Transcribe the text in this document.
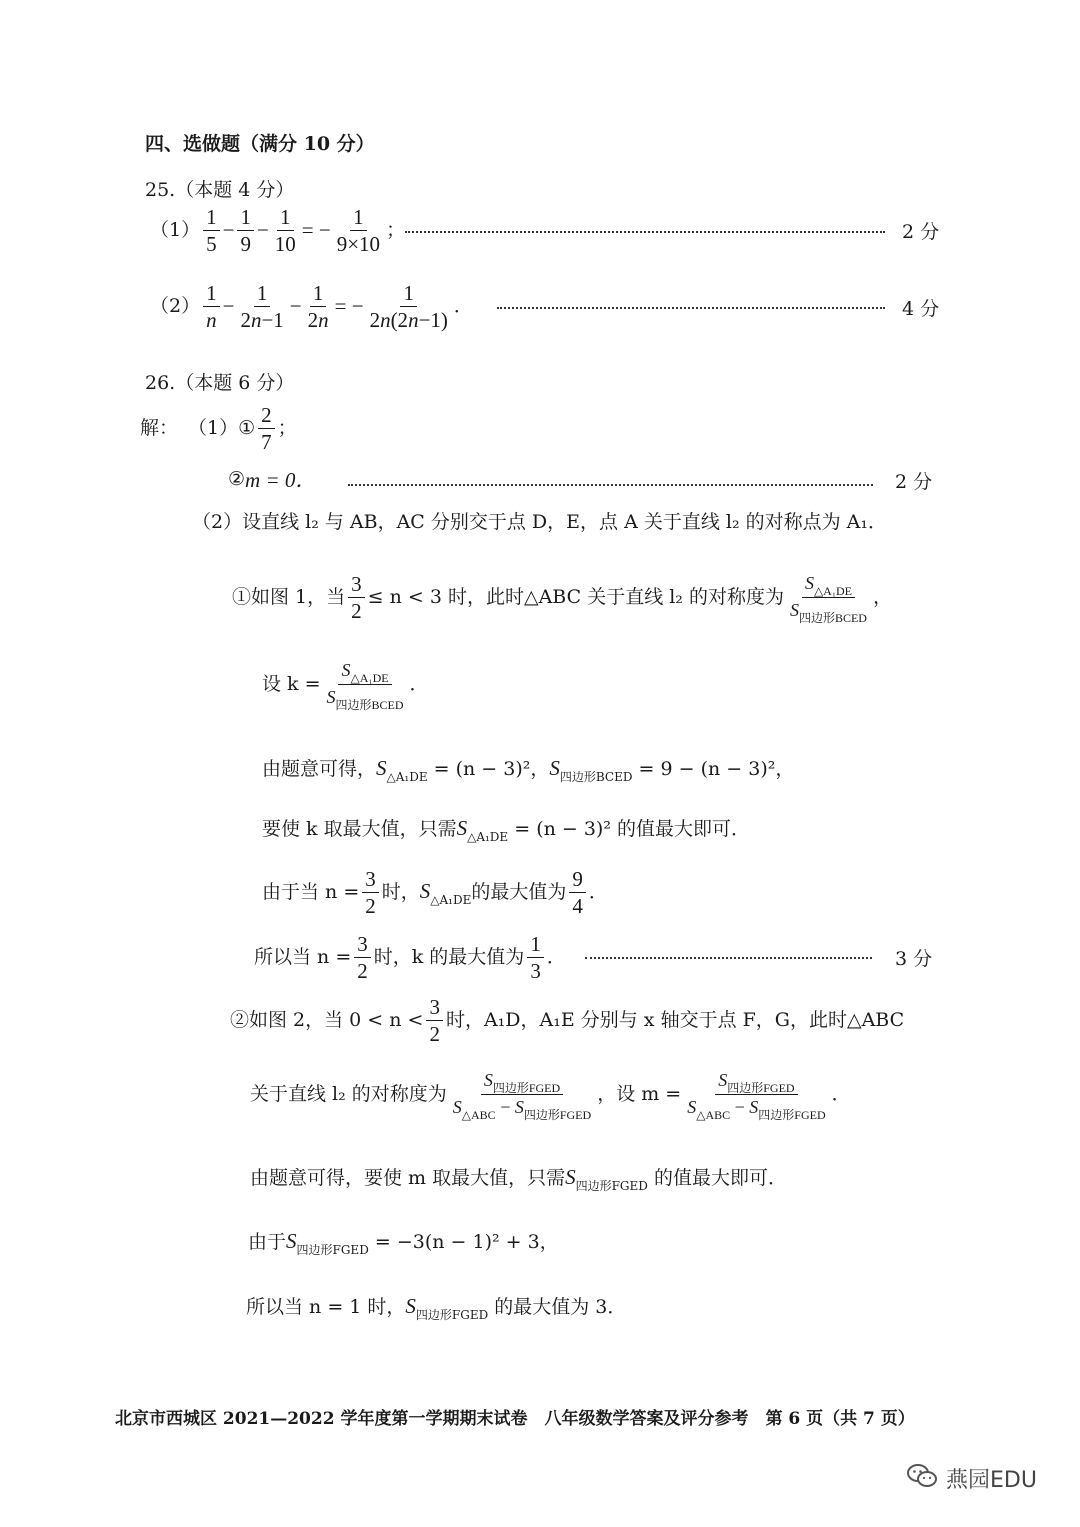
四、选做题（满分 10 分）
25.（本题 4 分）
$(1) \frac{1}{5} - \frac{1}{9} - \frac{1}{10}$ = − $\frac{1}{9\times 10}$ ；	2 分
$(2) \frac{1}{n} - \frac{1}{2n-1} - \frac{1}{2n}$ = − $\frac{1}{2n(2n-1)}$ ．	4 分
26.（本题 6 分）
解： （1） ① $\frac{2}{7}$ ；
② m = 0．	2 分
（2）设直线 l₂ 与 AB，AC 分别交于点 D，E，点 A 关于直线 l₂ 的对称点为 A₁．
①如图 1，当 $\frac{3}{2} \le n < 3$ 时，此时△ABC 关于直线 l₂ 的对称度为 $\frac{S_{\triangle A_1DE}}{S_{四边形BCED}}$ ，
设 $k = \frac{S_{\triangle A_1DE}}{S_{四边形BCED}}$ ．
由题意可得，$S_{\triangle A_1DE} = (n - 3)^2$，$S_{四边形BCED} = 9 - (n - 3)^2$，
要使 k 取最大值，只需$S_{\triangle A_1DE} = (n - 3)^2$ 的值最大即可．
由于当 $n = \frac{3}{2}$ 时， $S_{\triangle A_1DE}$ 的最大值为 $\frac{9}{4}$ ．
所以当 $n = \frac{3}{2}$ 时，k 的最大值为 $\frac{1}{3}$ ．	3 分
②如图 2，当 $0 < n < \frac{3}{2}$ 时，A₁D，A₁E 分别与 x 轴交于点 F，G，此时△ABC
关于直线 l₂ 的对称度为 $\frac{S_{四边形FGED}}{S_{\triangle ABC} - S_{四边形FGED}}$ ，设 $m = \frac{S_{四边形FGED}}{S_{\triangle ABC} - S_{四边形FGED}}$ ．
由题意可得，要使 m 取最大值，只需$S_{四边形FGED}$ 的值最大即可．
由于$S_{四边形FGED} = -3(n - 1)^2 + 3$，
所以当 n = 1 时，$S_{四边形FGED}$ 的最大值为 3．
北京市西城区 2021—2022 学年度第一学期期末试卷　八年级数学答案及评分参考　第 6 页（共 7 页）
燕园EDU
